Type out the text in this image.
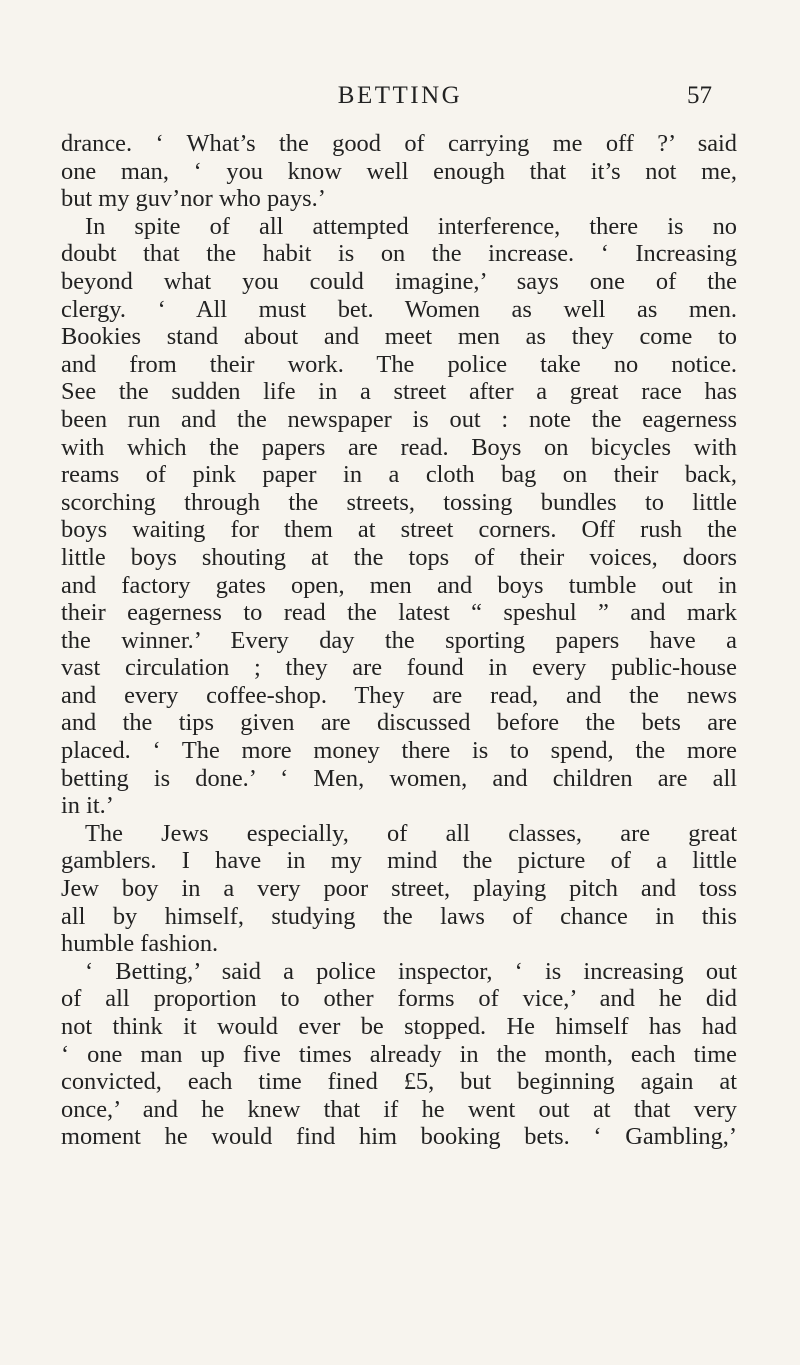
BETTING	57
drance. ‘ What’s the good of carrying me off ?’ said
one man, ‘ you know well enough that it’s not me,
but my guv’nor who pays.’
In spite of all attempted interference, there is no
doubt that the habit is on the increase. ‘ Increasing
beyond what you could imagine,’ says one of the
clergy. ‘ All must bet. Women as well as men.
Bookies stand about and meet men as they come to
and from their work. The police take no notice.
See the sudden life in a street after a great race has
been run and the newspaper is out : note the eagerness
with which the papers are read. Boys on bicycles with
reams of pink paper in a cloth bag on their back,
scorching through the streets, tossing bundles to little
boys waiting for them at street corners. Off rush the
little boys shouting at the tops of their voices, doors
and factory gates open, men and boys tumble out in
their eagerness to read the latest “ speshul ” and mark
the winner.’ Every day the sporting papers have a
vast circulation ; they are found in every public-house
and every coffee-shop. They are read, and the news
and the tips given are discussed before the bets are
placed. ‘ The more money there is to spend, the more
betting is done.’ ‘ Men, women, and children are all
in it.’
The Jews especially, of all classes, are great
gamblers. I have in my mind the picture of a little
Jew boy in a very poor street, playing pitch and toss
all by himself, studying the laws of chance in this
humble fashion.
‘ Betting,’ said a police inspector, ‘ is increasing out
of all proportion to other forms of vice,’ and he did
not think it would ever be stopped. He himself has had
‘ one man up five times already in the month, each time
convicted, each time fined £5, but beginning again at
once,’ and he knew that if he went out at that very
moment he would find him booking bets. ‘ Gambling,’
